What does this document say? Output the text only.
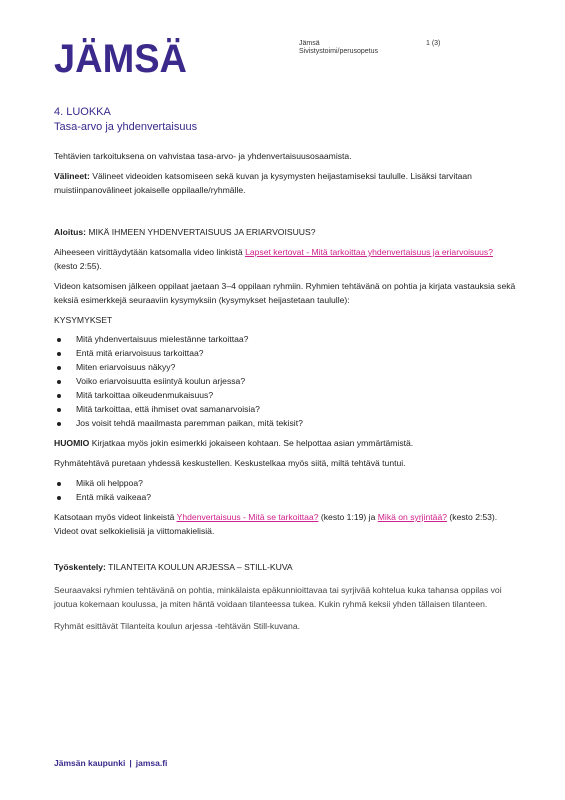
JÄMSÄ	Jämsä
Sivistystoimi/perusopetus
1 (3)
4. LUOKKA
Tasa-arvo ja yhdenvertaisuus

Tehtävien tarkoituksena on vahvistaa tasa-arvo- ja yhdenvertaisuusosaamista.

Välineet: Välineet videoiden katsomiseen sekä kuvan ja kysymysten heijastamiseksi taululle. Lisäksi tarvitaan muistiinpanovälineet jokaiselle oppilaalle/ryhmälle.

Aloitus: MIKÄ IHMEEN YHDENVERTAISUUS JA ERIARVOISUUS?

Aiheeseen virittäydytään katsomalla video linkistä Lapset kertovat - Mitä tarkoittaa yhdenvertaisuus ja eriarvoisuus? (kesto 2:55).

Videon katsomisen jälkeen oppilaat jaetaan 3–4 oppilaan ryhmiin. Ryhmien tehtävänä on pohtia ja kirjata vastauksia sekä keksiä esimerkkejä seuraaviin kysymyksiin (kysymykset heijastetaan taululle):

KYSYMYKSET

Mitä yhdenvertaisuus mielestänne tarkoittaa?
Entä mitä eriarvoisuus tarkoittaa?
Miten eriarvoisuus näkyy?
Voiko eriarvoisuutta esiintyä koulun arjessa?
Mitä tarkoittaa oikeudenmukaisuus?
Mitä tarkoittaa, että ihmiset ovat samanarvoisia?
Jos voisit tehdä maailmasta paremman paikan, mitä tekisit?

HUOMIO Kirjatkaa myös jokin esimerkki jokaiseen kohtaan. Se helpottaa asian ymmärtämistä.

Ryhmätehtävä puretaan yhdessä keskustellen. Keskustelkaa myös siitä, miltä tehtävä tuntui.

Mikä oli helppoa?
Entä mikä vaikeaa?

Katsotaan myös videot linkeistä Yhdenvertaisuus - Mitä se tarkoittaa? (kesto 1:19) ja Mikä on syrjintää? (kesto 2:53). Videot ovat selkokielisiä ja viittomakielisiä.

Työskentely: TILANTEITA KOULUN ARJESSA – STILL-KUVA

Seuraavaksi ryhmien tehtävänä on pohtia, minkälaista epäkunnioittavaa tai syrjivää kohtelua kuka tahansa oppilas voi joutua kokemaan koulussa, ja miten häntä voidaan tilanteessa tukea. Kukin ryhmä keksii yhden tällaisen tilanteen.

Ryhmät esittävät Tilanteita koulun arjessa -tehtävän Still-kuvana.

Jämsän kaupunki | jamsa.fi
